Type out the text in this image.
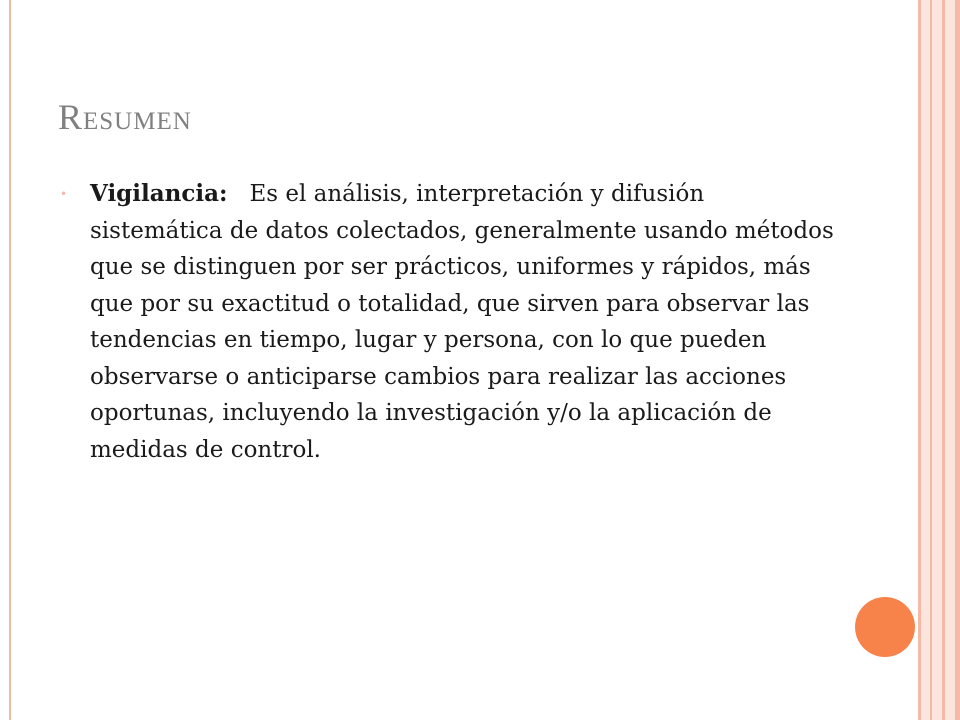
Resumen
• Vigilancia: Es el análisis, interpretación y difusión sistemática de datos colectados, generalmente usando métodos que se distinguen por ser prácticos, uniformes y rápidos, más que por su exactitud o totalidad, que sirven para observar las tendencias en tiempo, lugar y persona, con lo que pueden observarse o anticiparse cambios para realizar las acciones oportunas, incluyendo la investigación y/o la aplicación de medidas de control.
